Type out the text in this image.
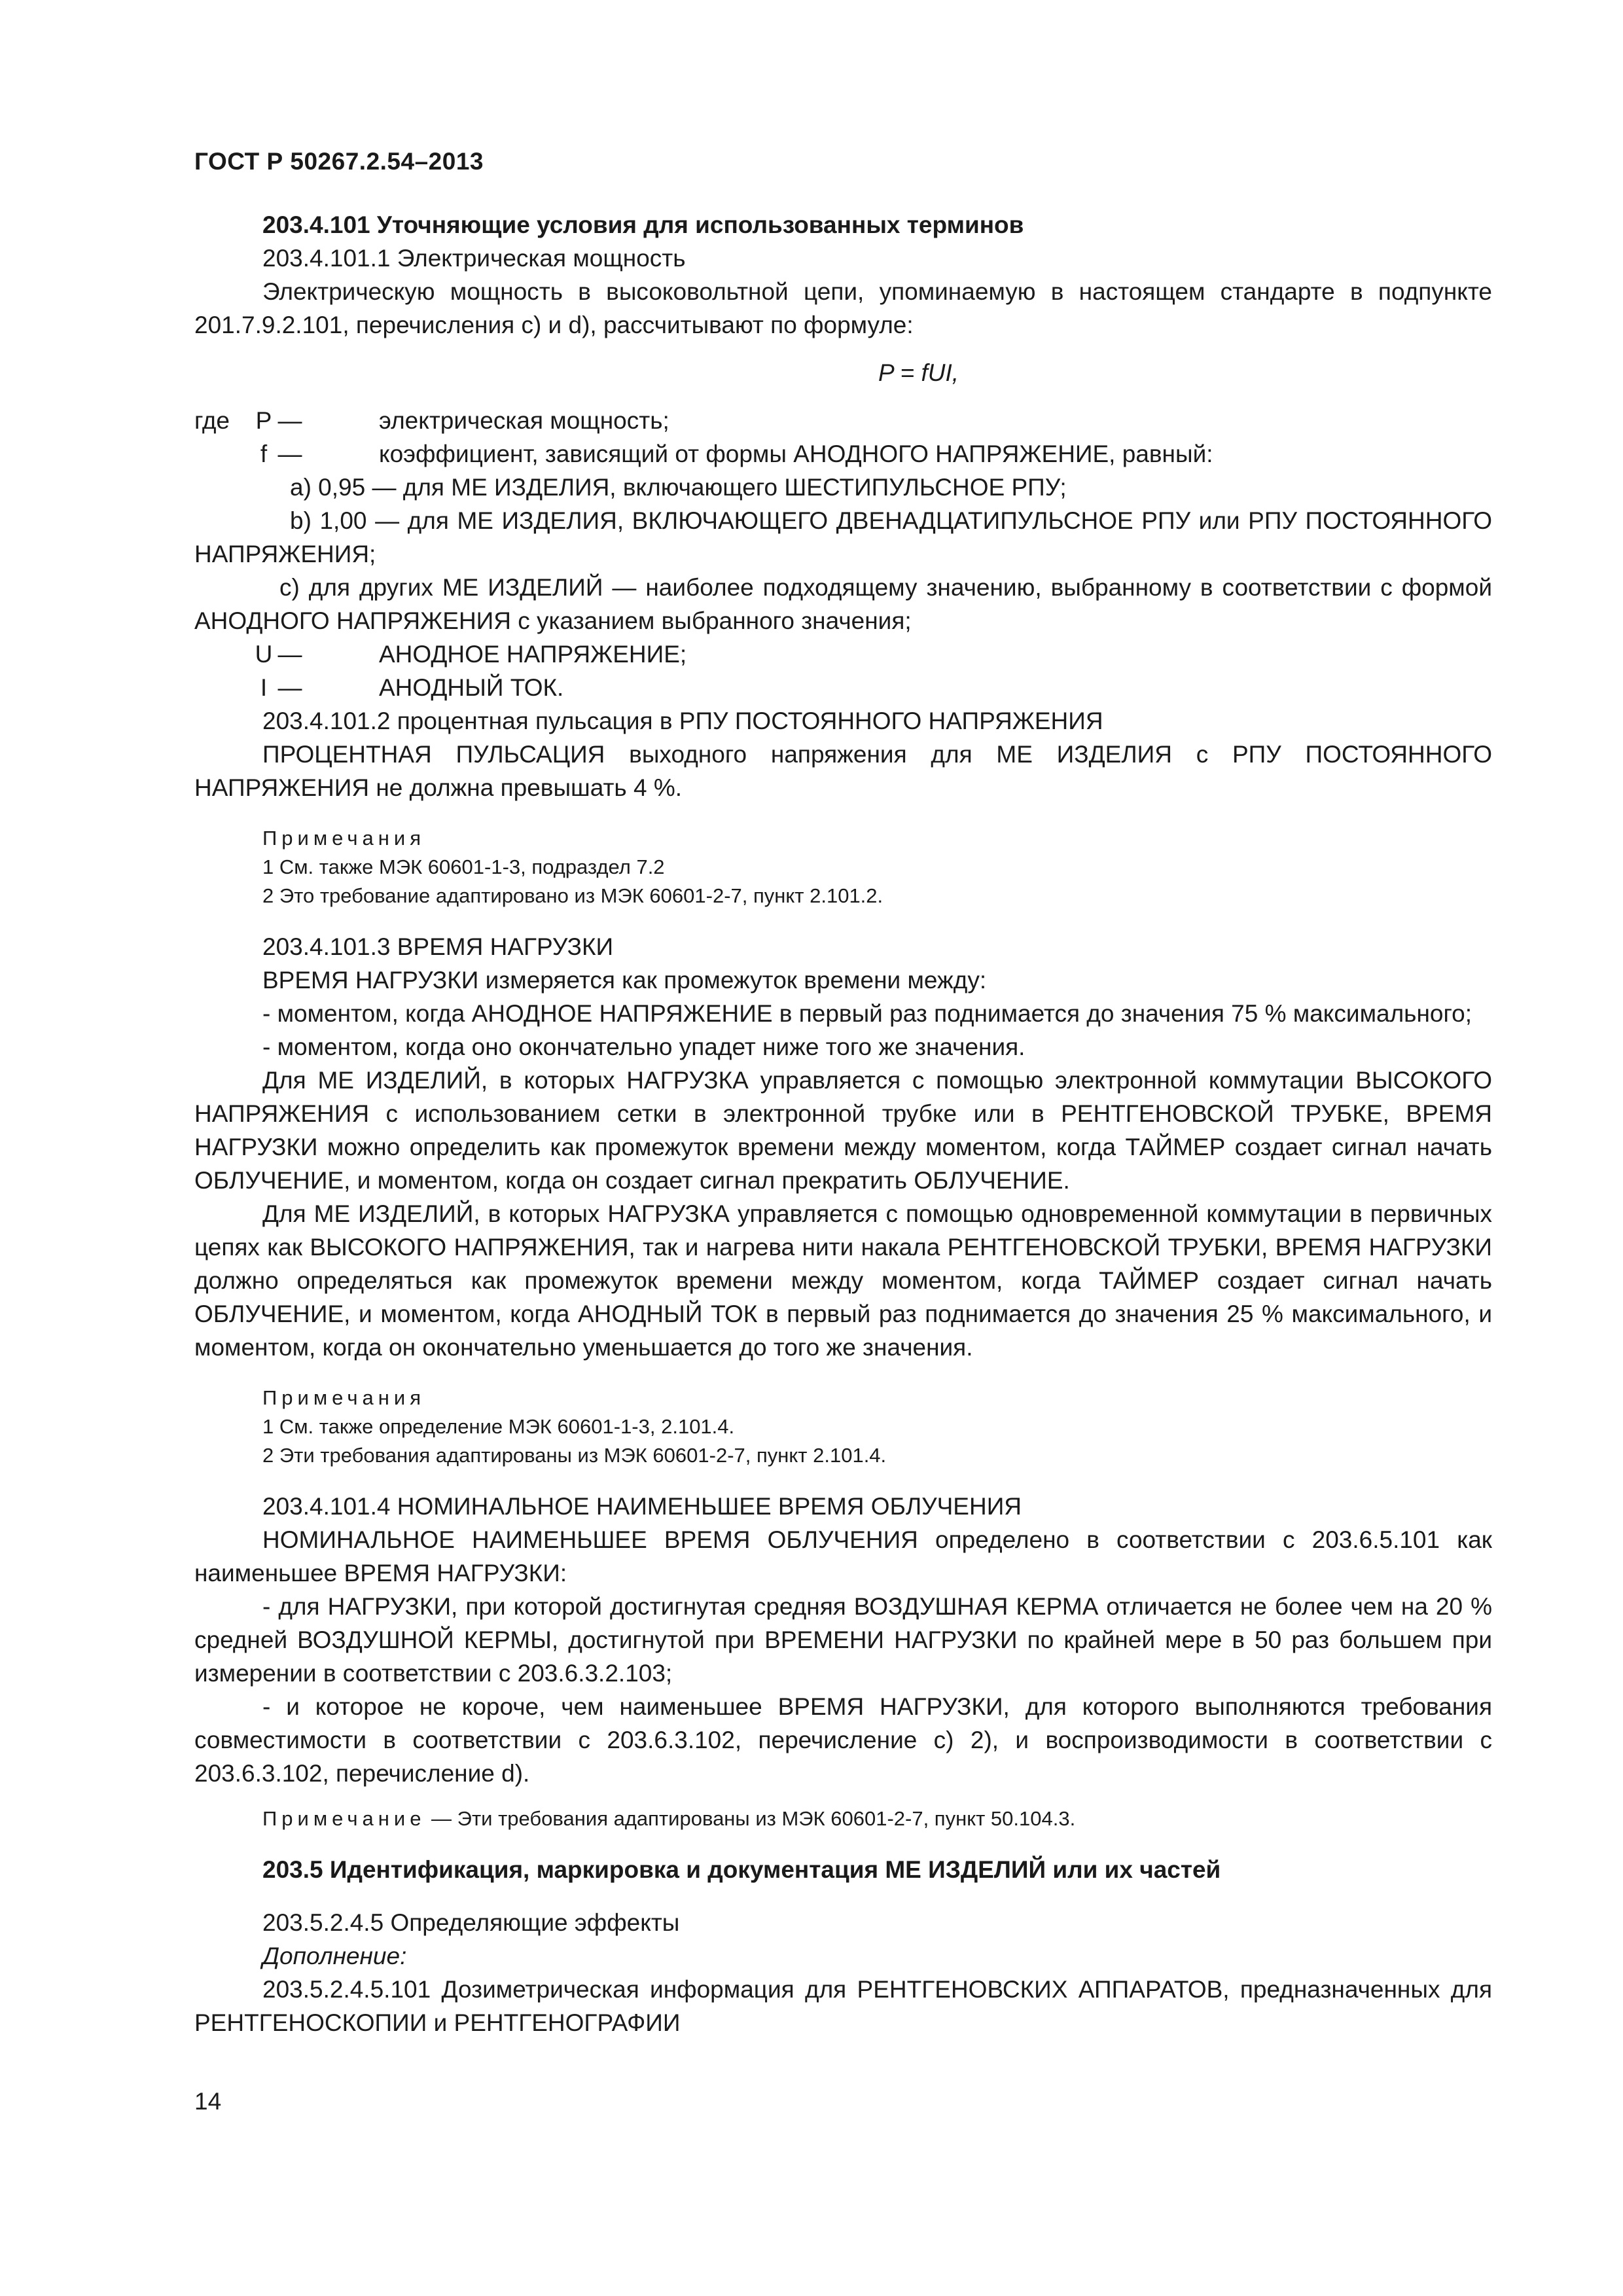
ГОСТ Р 50267.2.54–2013

203.4.101 Уточняющие условия для использованных терминов

203.4.101.1 Электрическая мощность

Электрическую мощность в высоковольтной цепи, упоминаемую в настоящем стандарте в подпункте 201.7.9.2.101, перечисления c) и d), рассчитывают по формуле:

P = fUI,

где	P —	электрическая мощность;
f —	коэффициент, зависящий от формы АНОДНОГО НАПРЯЖЕНИЕ, равный:

a) 0,95 — для МЕ ИЗДЕЛИЯ, включающего ШЕСТИПУЛЬСНОЕ РПУ;

b) 1,00 — для МЕ ИЗДЕЛИЯ, ВКЛЮЧАЮЩЕГО ДВЕНАДЦАТИПУЛЬСНОЕ РПУ или РПУ ПОСТОЯННОГО НАПРЯЖЕНИЯ;

c) для других МЕ ИЗДЕЛИЙ — наиболее подходящему значению, выбранному в соответствии с формой АНОДНОГО НАПРЯЖЕНИЯ с указанием выбранного значения;

U —	АНОДНОЕ НАПРЯЖЕНИЕ;
I —	АНОДНЫЙ ТОК.

203.4.101.2 процентная пульсация в РПУ ПОСТОЯННОГО НАПРЯЖЕНИЯ

ПРОЦЕНТНАЯ ПУЛЬСАЦИЯ выходного напряжения для МЕ ИЗДЕЛИЯ с РПУ ПОСТОЯННОГО НАПРЯЖЕНИЯ не должна превышать 4 %.

Примечания

1 См. также МЭК 60601-1-3, подраздел 7.2

2 Это требование адаптировано из МЭК 60601-2-7, пункт 2.101.2.

203.4.101.3 ВРЕМЯ НАГРУЗКИ

ВРЕМЯ НАГРУЗКИ измеряется как промежуток времени между:

- моментом, когда АНОДНОЕ НАПРЯЖЕНИЕ в первый раз поднимается до значения 75 % максимального;

- моментом, когда оно окончательно упадет ниже того же значения.

Для МЕ ИЗДЕЛИЙ, в которых НАГРУЗКА управляется с помощью электронной коммутации ВЫСОКОГО НАПРЯЖЕНИЯ с использованием сетки в электронной трубке или в РЕНТГЕНОВСКОЙ ТРУБКЕ, ВРЕМЯ НАГРУЗКИ можно определить как промежуток времени между моментом, когда ТАЙМЕР создает сигнал начать ОБЛУЧЕНИЕ, и моментом, когда он создает сигнал прекратить ОБЛУЧЕНИЕ.

Для МЕ ИЗДЕЛИЙ, в которых НАГРУЗКА управляется с помощью одновременной коммутации в первичных цепях как ВЫСОКОГО НАПРЯЖЕНИЯ, так и нагрева нити накала РЕНТГЕНОВСКОЙ ТРУБКИ, ВРЕМЯ НАГРУЗКИ должно определяться как промежуток времени между моментом, когда ТАЙМЕР создает сигнал начать ОБЛУЧЕНИЕ, и моментом, когда АНОДНЫЙ ТОК в первый раз поднимается до значения 25 % максимального, и моментом, когда он окончательно уменьшается до того же значения.

Примечания

1 См. также определение МЭК 60601-1-3, 2.101.4.

2 Эти требования адаптированы из МЭК 60601-2-7, пункт 2.101.4.

203.4.101.4 НОМИНАЛЬНОЕ НАИМЕНЬШЕЕ ВРЕМЯ ОБЛУЧЕНИЯ

НОМИНАЛЬНОЕ НАИМЕНЬШЕЕ ВРЕМЯ ОБЛУЧЕНИЯ определено в соответствии с 203.6.5.101 как наименьшее ВРЕМЯ НАГРУЗКИ:

- для НАГРУЗКИ, при которой достигнутая средняя ВОЗДУШНАЯ КЕРМА отличается не более чем на 20 % средней ВОЗДУШНОЙ КЕРМЫ, достигнутой при ВРЕМЕНИ НАГРУЗКИ по крайней мере в 50 раз большем при измерении в соответствии с 203.6.3.2.103;

- и которое не короче, чем наименьшее ВРЕМЯ НАГРУЗКИ, для которого выполняются требования совместимости в соответствии с 203.6.3.102, перечисление c) 2), и воспроизводимости в соответствии с 203.6.3.102, перечисление d).

Примечание — Эти требования адаптированы из МЭК 60601-2-7, пункт 50.104.3.

203.5 Идентификация, маркировка и документация МЕ ИЗДЕЛИЙ или их частей

203.5.2.4.5 Определяющие эффекты

Дополнение:

203.5.2.4.5.101 Дозиметрическая информация для РЕНТГЕНОВСКИХ АППАРАТОВ, предназначенных для РЕНТГЕНОСКОПИИ и РЕНТГЕНОГРАФИИ

14
